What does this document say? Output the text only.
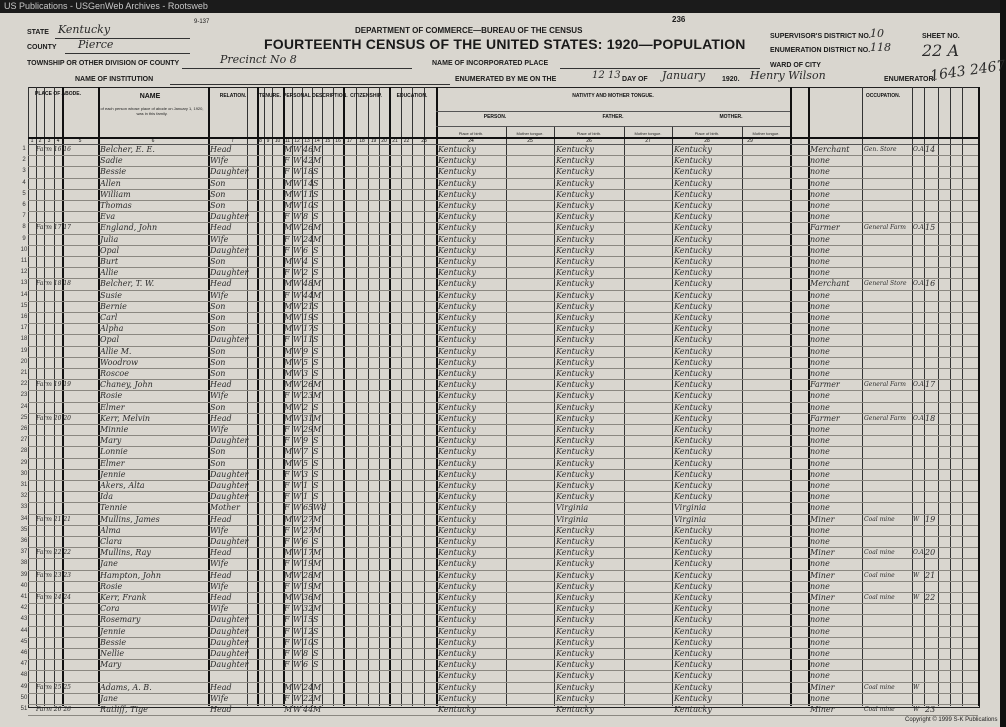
US Publications - USGenWeb Archives - Rootsweb
9-137	236
DEPARTMENT OF COMMERCE—BUREAU OF THE CENSUS
FOURTEENTH CENSUS OF THE UNITED STATES: 1920—POPULATION
STATE Kentucky
COUNTY Pierce
TOWNSHIP OR OTHER DIVISION OF COUNTY	Precinct No 8	NAME OF INCORPORATED PLACE
NAME OF INSTITUTION	ENUMERATED BY ME ON THE	12 13 DAY OF January 1920. Henry Wilson	ENUMERATOR.
SUPERVISOR'S DISTRICT NO. 10
ENUMERATION DISTRICT NO. 118
WARD OF CITY
SHEET NO.
22 A
1643 2467
PLACE OF ABODE.	NAME
of each person whose place of abode on January 1, 1920, was in this family.
RELATION.	TENURE. PERSONAL DESCRIPTION. CITIZENSHIP.	EDUCATION.	NATIVITY AND MOTHER TONGUE.
PERSON.	FATHER.	MOTHER.
Place of birth.	Mother tongue.	Place of birth.	Mother tongue.	Place of birth.	Mother tongue.
OCCUPATION.
1	2	3	4	5	6	7	8 9	10 11 12 13 14 15 16	17	18	19 20	21	22	23	24	25	26	27	28	29
1	Farm 16 16	Belcher, E. E.	Head	M W 46 M	Kentucky	Kentucky	Kentucky	Merchant	Gen. Store	O.A. 14
2	Sadie	Wife	F W 42 M	Kentucky	Kentucky	Kentucky	none
3	Bessie	Daughter	F W 18 S	Kentucky	Kentucky	Kentucky	none
4	Allen	Son	M W 14 S	Kentucky	Kentucky	Kentucky	none
5	William	Son	M W 11 S	Kentucky	Kentucky	Kentucky	none
6	Thomas	Son	M W 10 S	Kentucky	Kentucky	Kentucky	none
7	Eva	Daughter	F W 8 S	Kentucky	Kentucky	Kentucky	none
8	Farm 17 17	England, John	Head	M W 26 M	Kentucky	Kentucky	Kentucky	Farmer	General Farm	O.A. 15
9	Julia	Wife	F W 24 M	Kentucky	Kentucky	Kentucky	none
10	Opal	Daughter	F W 6 S	Kentucky	Kentucky	Kentucky	none
11	Burt	Son	M W 4 S	Kentucky	Kentucky	Kentucky	none
12	Allie	Daughter	F W 2 S	Kentucky	Kentucky	Kentucky	none
13 Farm 18 18	Belcher, T. W.	Head	M W 48 M	Kentucky	Kentucky	Kentucky	Merchant	General Store	O.A. 16
14	Susie	Wife	F W 44 M	Kentucky	Kentucky	Kentucky	none
15	Bernie	Son	M W 21 S	Kentucky	Kentucky	Kentucky	none
16	Carl	Son	M W 19 S	Kentucky	Kentucky	Kentucky	none
17	Alpha	Son	M W 17 S	Kentucky	Kentucky	Kentucky	none
18	Opal	Daughter	F W 11 S	Kentucky	Kentucky	Kentucky	none
19	Allie M.	Son	M W 9 S	Kentucky	Kentucky	Kentucky	none
20	Woodrow	Son	M W 5 S	Kentucky	Kentucky	Kentucky	none
21	Roscoe	Son	M W 3 S	Kentucky	Kentucky	Kentucky	none
22 Farm 19 19	Chaney, John	Head	M W 26 M	Kentucky	Kentucky	Kentucky	Farmer	General Farm	O.A. 17
23	Rosie	Wife	F W 23 M	Kentucky	Kentucky	Kentucky	none
24	Elmer	Son	M W 2 S	Kentucky	Kentucky	Kentucky	none
25 Farm 20 20	Kerr, Melvin	Head	M W 31 M	Kentucky	Kentucky	Kentucky	Farmer	General Farm	O.A. 18
26	Minnie	Wife	F W 29 M	Kentucky	Kentucky	Kentucky	none
27	Mary	Daughter	F W 9 S	Kentucky	Kentucky	Kentucky	none
28	Lonnie	Son	M W 7 S	Kentucky	Kentucky	Kentucky	none
29	Elmer	Son	M W 5 S	Kentucky	Kentucky	Kentucky	none
30	Jennie	Daughter	F W 3 S	Kentucky	Kentucky	Kentucky	none
31	Akers, Alta	Daughter	F W 1 S	Kentucky	Kentucky	Kentucky	none
32	Ida	Daughter	F W 1 S	Kentucky	Kentucky	Kentucky	none
33	Tennie	Mother	F W 65 Wd	Kentucky	Virginia	Virginia	none
34 Farm 21 21	Mullins, James	Head	M W 27 M	Kentucky	Virginia	Virginia	Miner	Coal mine	W 19
35	Alma	Wife	F W 27 M	Kentucky	Kentucky	Kentucky	none
36	Clara	Daughter	F W 6 S	Kentucky	Kentucky	Kentucky	none
37 Farm 22 22	Mullins, Ray	Head	M W 17 M	Kentucky	Kentucky	Kentucky	Miner	Coal mine	O.A. 20
38	Jane	Wife	F W 19 M	Kentucky	Kentucky	Kentucky	none
39 Farm 23 23	Hampton, John	Head	M W 28 M	Kentucky	Kentucky	Kentucky	Miner	Coal mine	W 21
40	Rosie	Wife	F W 19 M	Kentucky	Kentucky	Kentucky	none
41 Farm 24 24	Kerr, Frank	Head	M W 36 M	Kentucky	Kentucky	Kentucky	Miner	Coal mine	W 22
42	Cora	Wife	F W 32 M	Kentucky	Kentucky	Kentucky	none
43	Rosemary	Daughter	F W 15 S	Kentucky	Kentucky	Kentucky	none
44	Jennie	Daughter	F W 12 S	Kentucky	Kentucky	Kentucky	none
45	Bessie	Daughter	F W 10 S	Kentucky	Kentucky	Kentucky	none
46	Nellie	Daughter	F W 8 S	Kentucky	Kentucky	Kentucky	none
47	Mary	Daughter	F W 6 S	Kentucky	Kentucky	Kentucky	none
48	Kentucky	Kentucky	Kentucky	none
49 Farm 25 25	Adams, A. B.	Head	M W 24 M	Kentucky	Kentucky	Kentucky	Miner	Coal mine	W
50	Jane	Wife	F W 22 M	Kentucky	Kentucky	Kentucky	none
51 Farm 26 26	Ratliff, Tige	Head	M W 44 M	Kentucky	Kentucky	Kentucky	Miner	Coal mine	W 23
Copyright © 1999 S-K Publications
